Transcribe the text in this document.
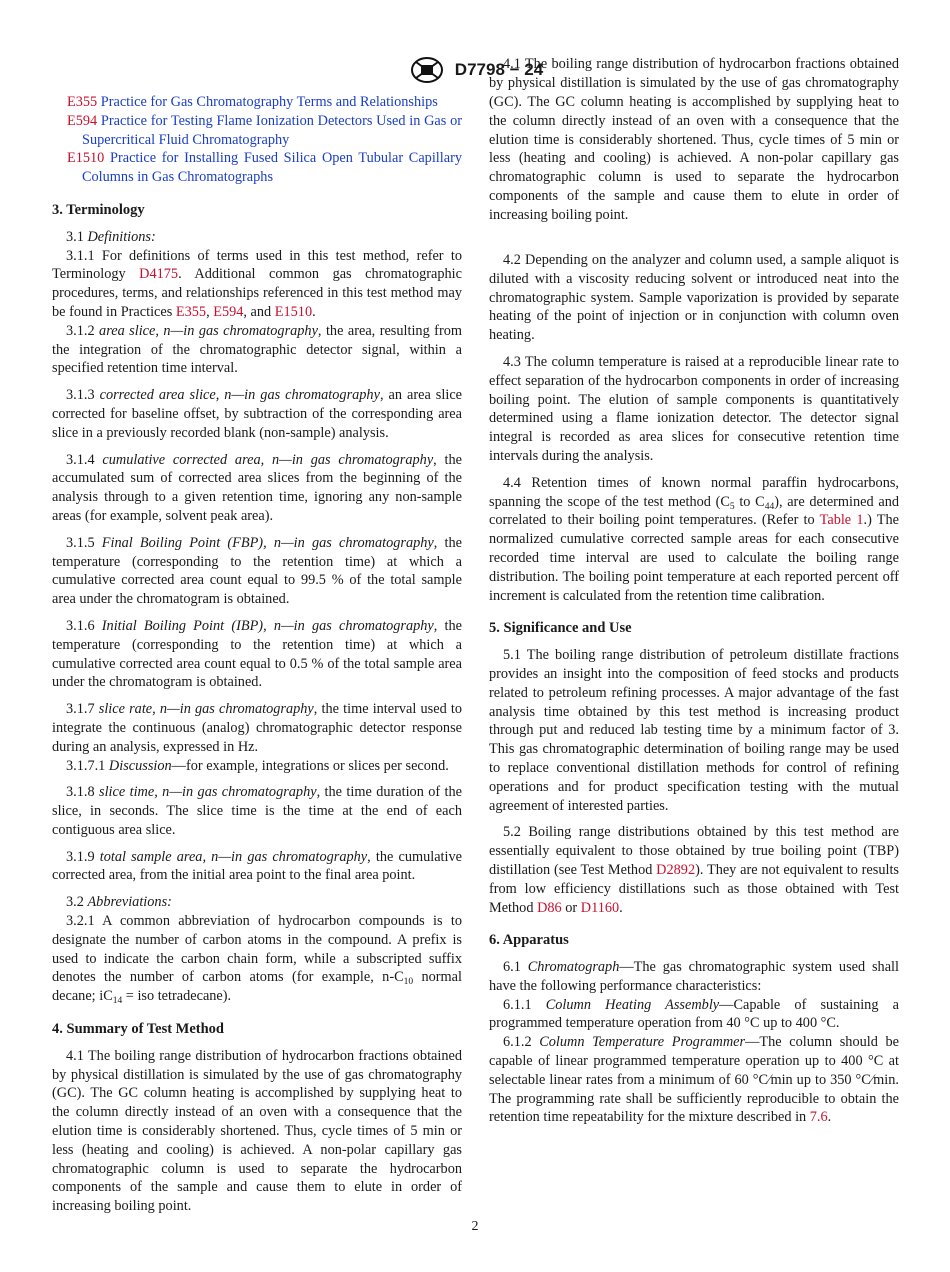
D7798 − 24

E355 Practice for Gas Chromatography Terms and Relationships

E594 Practice for Testing Flame Ionization Detectors Used in Gas or Supercritical Fluid Chromatography

E1510 Practice for Installing Fused Silica Open Tubular Capillary Columns in Gas Chromatographs

3. Terminology

3.1 Definitions:

3.1.1 For definitions of terms used in this test method, refer to Terminology D4175. Additional common gas chromatographic procedures, terms, and relationships referenced in this test method may be found in Practices E355, E594, and E1510.

3.1.2 area slice, n—in gas chromatography, the area, resulting from the integration of the chromatographic detector signal, within a specified retention time interval.

3.1.3 corrected area slice, n—in gas chromatography, an area slice corrected for baseline offset, by subtraction of the corresponding area slice in a previously recorded blank (non-sample) analysis.

3.1.4 cumulative corrected area, n—in gas chromatography, the accumulated sum of corrected area slices from the beginning of the analysis through to a given retention time, ignoring any non-sample areas (for example, solvent peak area).

3.1.5 Final Boiling Point (FBP), n—in gas chromatography, the temperature (corresponding to the retention time) at which a cumulative corrected area count equal to 99.5 % of the total sample area under the chromatogram is obtained.

3.1.6 Initial Boiling Point (IBP), n—in gas chromatography, the temperature (corresponding to the retention time) at which a cumulative corrected area count equal to 0.5 % of the total sample area under the chromatogram is obtained.

3.1.7 slice rate, n—in gas chromatography, the time interval used to integrate the continuous (analog) chromatographic detector response during an analysis, expressed in Hz.

3.1.7.1 Discussion—for example, integrations or slices per second.

3.1.8 slice time, n—in gas chromatography, the time duration of the slice, in seconds. The slice time is the time at the end of each contiguous area slice.

3.1.9 total sample area, n—in gas chromatography, the cumulative corrected area, from the initial area point to the final area point.

3.2 Abbreviations:

3.2.1 A common abbreviation of hydrocarbon compounds is to designate the number of carbon atoms in the compound. A prefix is used to indicate the carbon chain form, while a subscripted suffix denotes the number of carbon atoms (for example, $n-C_{10}$ normal decane; $iC_{14}$ = iso tetradecane).

4. Summary of Test Method

4.1 The boiling range distribution of hydrocarbon fractions obtained by physical distillation is simulated by the use of gas chromatography (GC). The GC column heating is accomplished by supplying heat to the column directly instead of an oven with a consequence that the elution time is considerably shortened. Thus, cycle times of 5 min or less (heating and cooling) is achieved. A non-polar capillary gas chromatographic column is used to separate the hydrocarbon components of the sample and cause them to elute in order of increasing boiling point.

4.1 The boiling range distribution of hydrocarbon fractions obtained by physical distillation is simulated by the use of gas chromatography (GC). The GC column heating is accomplished by supplying heat to the column directly instead of an oven with a consequence that the elution time is considerably shortened. Thus, cycle times of 5 min or less (heating and cooling) is achieved. A non-polar capillary gas chromatographic column is used to separate the hydrocarbon components of the sample and cause them to elute in order of increasing boiling point.

4.2 Depending on the analyzer and column used, a sample aliquot is diluted with a viscosity reducing solvent or introduced neat into the chromatographic system. Sample vaporization is provided by separate heating of the point of injection or in conjunction with column oven heating.

4.3 The column temperature is raised at a reproducible linear rate to effect separation of the hydrocarbon components in order of increasing boiling point. The elution of sample components is quantitatively determined using a flame ionization detector. The detector signal integral is recorded as area slices for consecutive retention time intervals during the analysis.

4.4 Retention times of known normal paraffin hydrocarbons, spanning the scope of the test method ($C_5$ to $C_{44}$), are determined and correlated to their boiling point temperatures. (Refer to Table 1.) The normalized cumulative corrected sample areas for each consecutive recorded time interval are used to calculate the boiling range distribution. The boiling point temperature at each reported percent off increment is calculated from the retention time calibration.

5. Significance and Use

5.1 The boiling range distribution of petroleum distillate fractions provides an insight into the composition of feed stocks and products related to petroleum refining processes. A major advantage of the fast analysis time obtained by this test method is increasing product through put and reduced lab testing time by a minimum factor of 3. This gas chromatographic determination of boiling range may be used to replace conventional distillation methods for control of refining operations and for product specification testing with the mutual agreement of interested parties.

5.2 Boiling range distributions obtained by this test method are essentially equivalent to those obtained by true boiling point (TBP) distillation (see Test Method D2892). They are not equivalent to results from low efficiency distillations such as those obtained with Test Method D86 or D1160.

6. Apparatus

6.1 Chromatograph—The gas chromatographic system used shall have the following performance characteristics:

6.1.1 Column Heating Assembly—Capable of sustaining a programmed temperature operation from 40 °C up to 400 °C.

6.1.2 Column Temperature Programmer—The column should be capable of linear programmed temperature operation up to 400 °C at selectable linear rates from a minimum of 60 °C⁄min up to 350 °C⁄min. The programming rate shall be sufficiently reproducible to obtain the retention time repeatability for the mixture described in 7.6.

2
